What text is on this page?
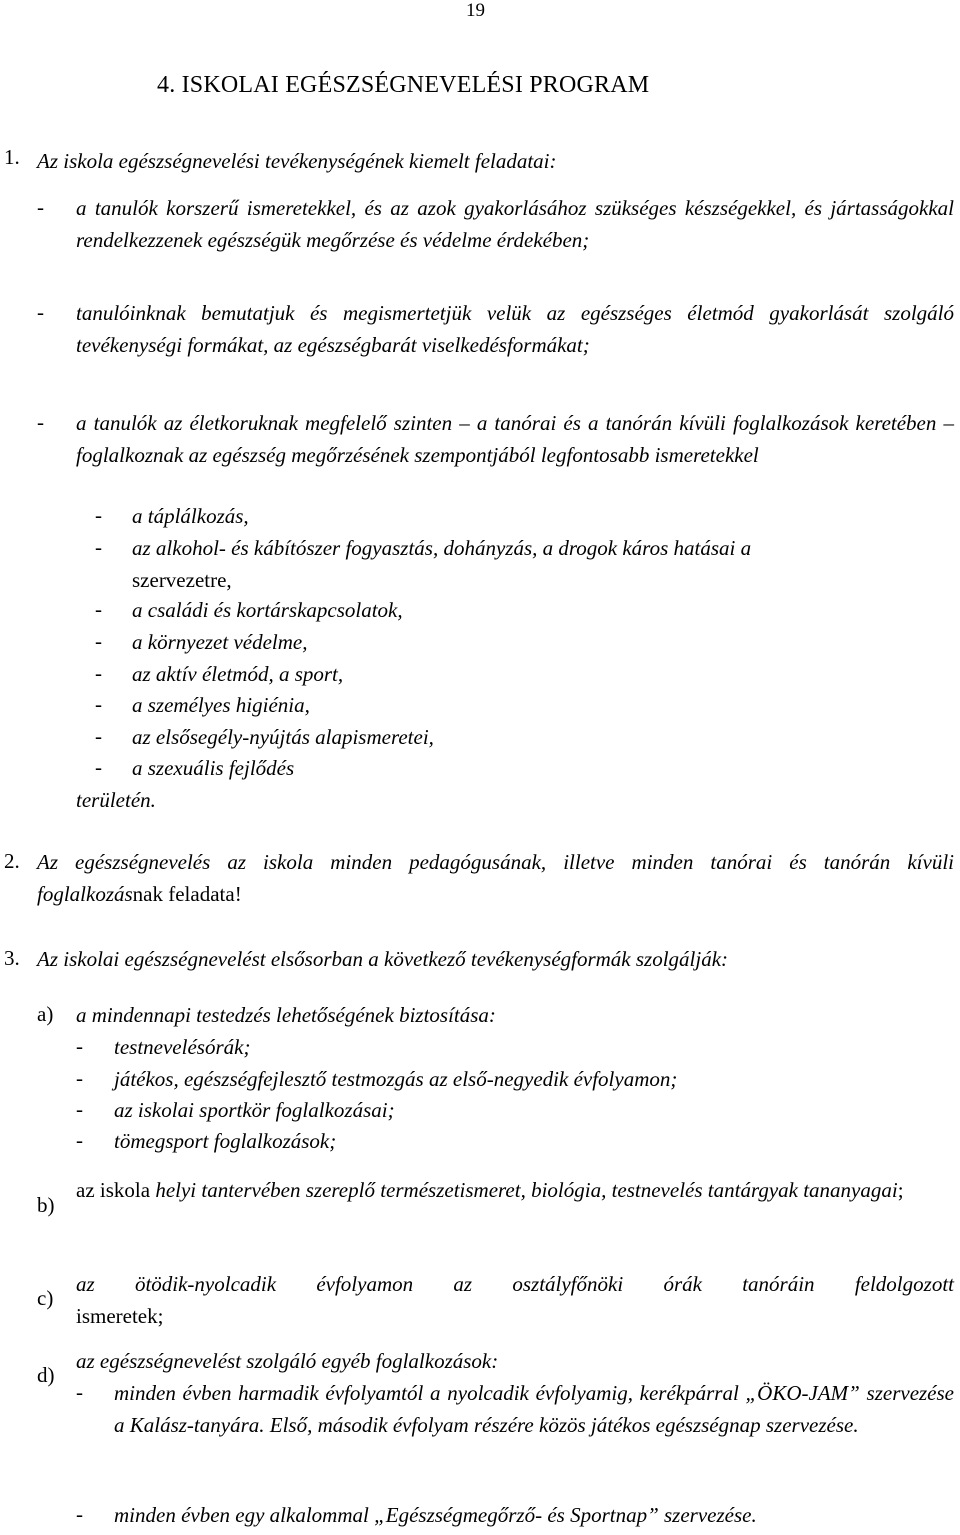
19
4. ISKOLAI EGÉSZSÉGNEVELÉSI PROGRAM
1. Az iskola egészségnevelési tevékenységének kiemelt feladatai:
- a tanulók korszerű ismeretekkel, és az azok gyakorlásához szükséges készségekkel, és jártasságokkal rendelkezzenek egészségük megőrzése és védelme érdekében;
- tanulóinknak bemutatjuk és megismertetjük velük az egészséges életmód gyakorlását szolgáló tevékenységi formákat, az egészségbarát viselkedésformákat;
- a tanulók az életkoruknak megfelelő szinten – a tanórai és a tanórán kívüli foglalkozások keretében – foglalkoznak az egészség megőrzésének szempontjából legfontosabb ismeretekkel
- a táplálkozás,
- az alkohol- és kábítószer fogyasztás, dohányzás, a drogok káros hatásai a
szervezetre,
- a családi és kortárskapcsolatok,
- a környezet védelme,
- az aktív életmód, a sport,
- a személyes higiénia,
- az elsősegély-nyújtás alapismeretei,
- a szexuális fejlődés
területén.
2. Az egészségnevelés az iskola minden pedagógusának, illetve minden tanórai és tanórán kívüli foglalkozásnak feladata!
3. Az iskolai egészségnevelést elsősorban a következő tevékenységformák szolgálják:
a) a mindennapi testedzés lehetőségének biztosítása:
- testnevelésórák;
- játékos, egészségfejlesztő testmozgás az első-negyedik évfolyamon;
- az iskolai sportkör foglalkozásai;
- tömegsport foglalkozások;
b)
az iskola helyi tantervében szereplő természetismeret, biológia, testnevelés tantárgyak tananyagai;
c)
az ötödik-nyolcadik évfolyamon az osztályfőnöki órák tanóráin feldolgozott
ismeretek;
d)
az egészségnevelést szolgáló egyéb foglalkozások:
- minden évben harmadik évfolyamtól a nyolcadik évfolyamig, kerékpárral „ÖKO-JAM” szervezése a Kalász-tanyára. Első, második évfolyam részére közös játékos egészségnap szervezése.
- minden évben egy alkalommal „Egészségmegőrző- és Sportnap” szervezése.
